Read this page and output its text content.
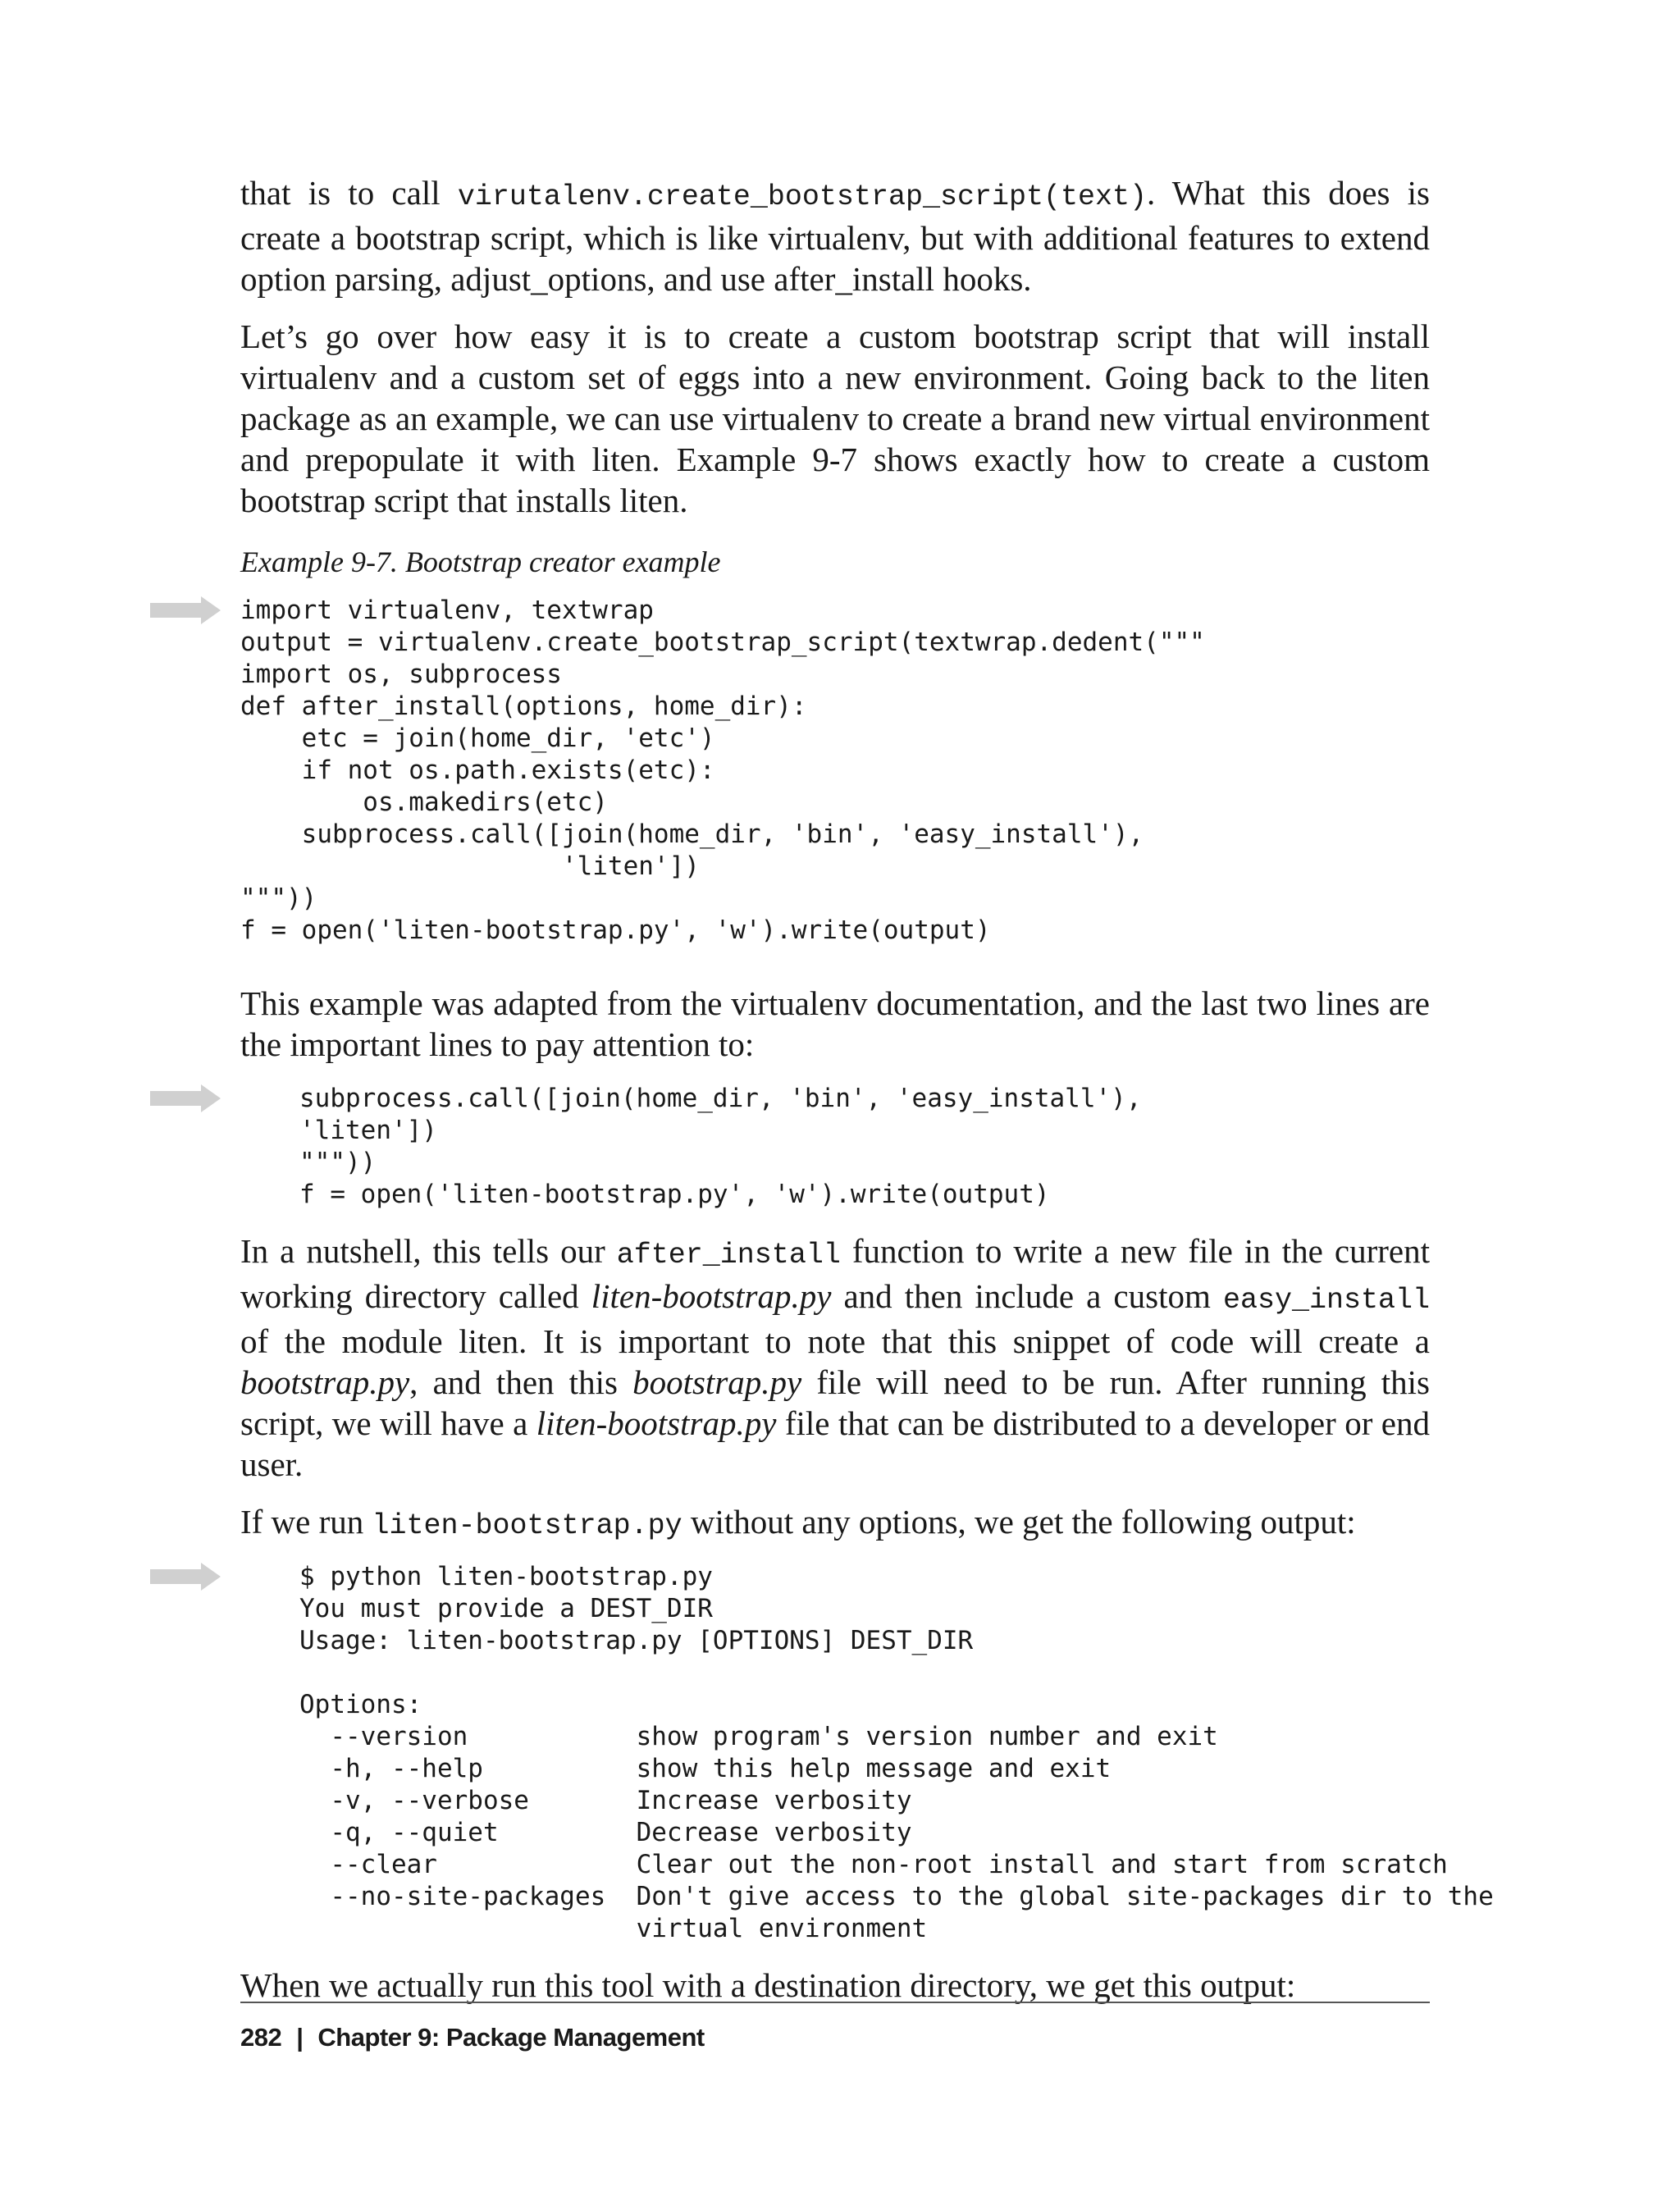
that is to call virutalenv.create_bootstrap_script(text). What this does is create a bootstrap script, which is like virtualenv, but with additional features to extend option parsing, adjust_options, and use after_install hooks.

Let’s go over how easy it is to create a custom bootstrap script that will install virtualenv and a custom set of eggs into a new environment. Going back to the liten package as an example, we can use virtualenv to create a brand new virtual environment and prepopulate it with liten. Example 9-7 shows exactly how to create a custom bootstrap script that installs liten.

Example 9-7. Bootstrap creator example

import virtualenv, textwrap
output = virtualenv.create_bootstrap_script(textwrap.dedent("""
import os, subprocess
def after_install(options, home_dir):
etc = join(home_dir, 'etc')
if not os.path.exists(etc):
os.makedirs(etc)
subprocess.call([join(home_dir, 'bin', 'easy_install'),
'liten'])
"""))
f = open('liten-bootstrap.py', 'w').write(output)

This example was adapted from the virtualenv documentation, and the last two lines are the important lines to pay attention to:

subprocess.call([join(home_dir, 'bin', 'easy_install'),
'liten'])
"""))
f = open('liten-bootstrap.py', 'w').write(output)

In a nutshell, this tells our after_install function to write a new file in the current working directory called liten-bootstrap.py and then include a custom easy_install of the module liten. It is important to note that this snippet of code will create a bootstrap.py, and then this bootstrap.py file will need to be run. After running this script, we will have a liten-bootstrap.py file that can be distributed to a developer or end user.

If we run liten-bootstrap.py without any options, we get the following output:

$ python liten-bootstrap.py
You must provide a DEST_DIR
Usage: liten-bootstrap.py [OPTIONS] DEST_DIR

Options:
--version           show program's version number and exit
-h, --help          show this help message and exit
-v, --verbose       Increase verbosity
-q, --quiet         Decrease verbosity
--clear             Clear out the non-root install and start from scratch
--no-site-packages  Don't give access to the global site-packages dir to the
virtual environment

When we actually run this tool with a destination directory, we get this output:

282 | Chapter 9: Package Management
